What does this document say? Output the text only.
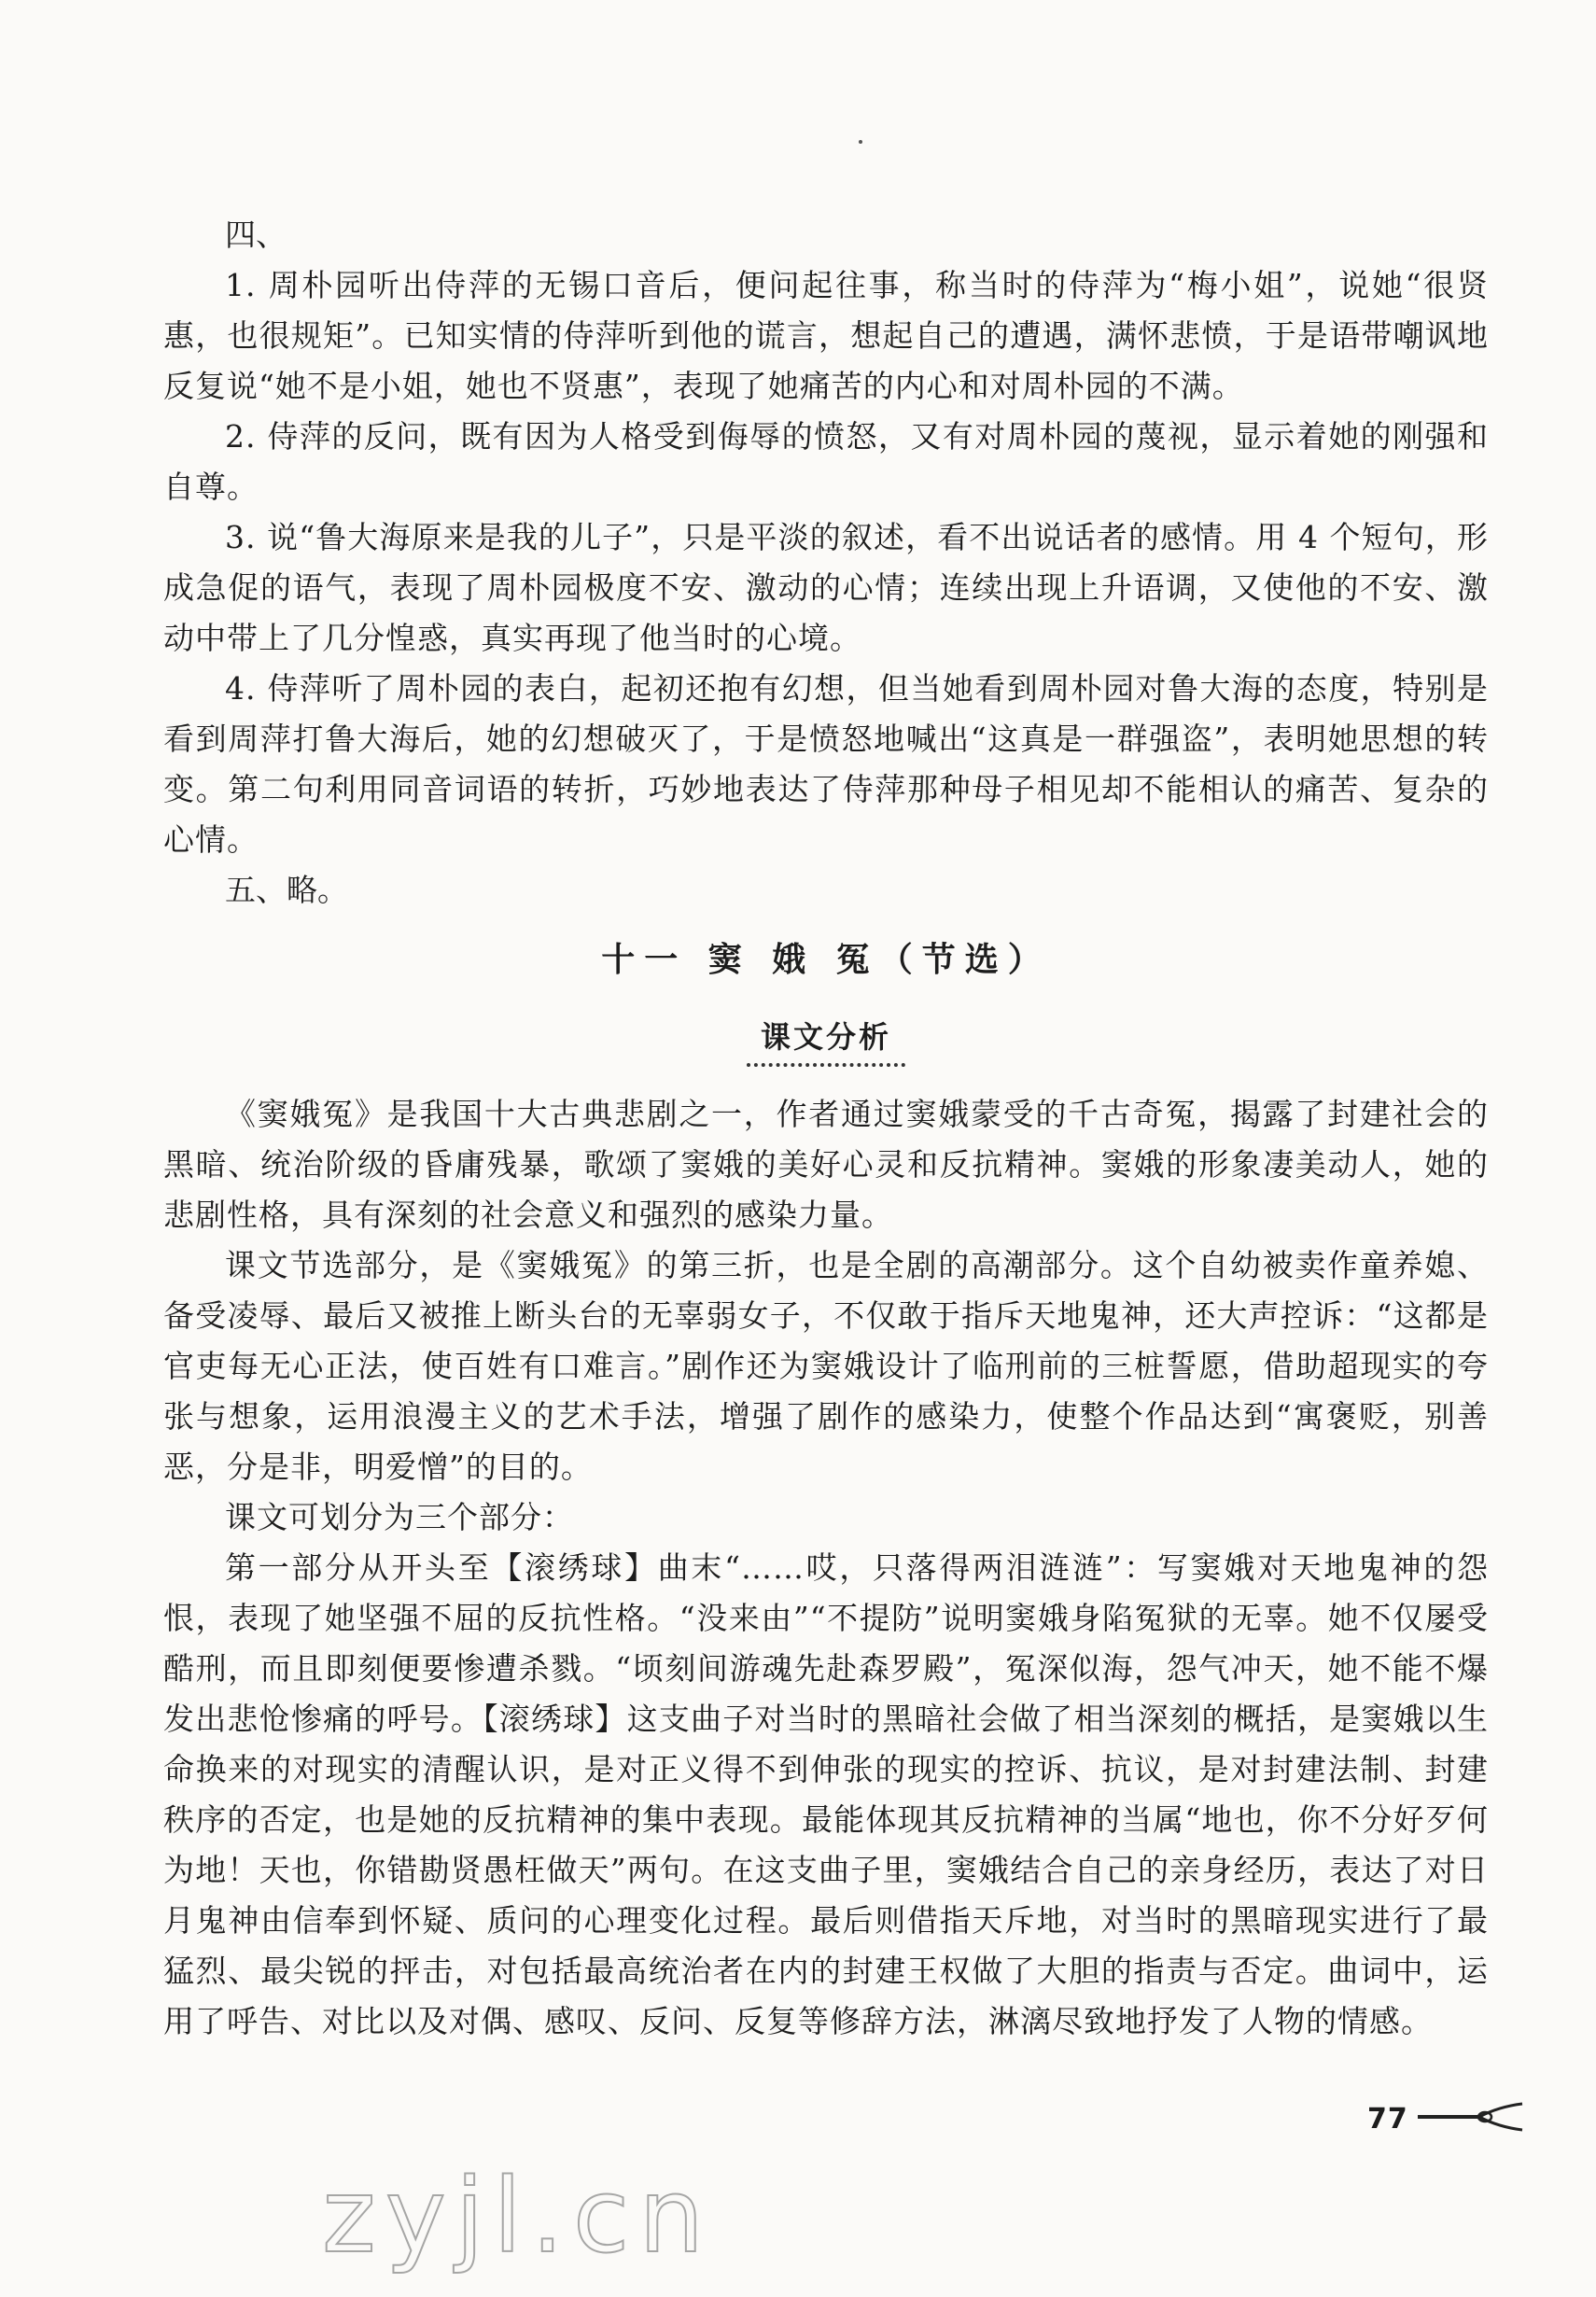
四、

1. 周朴园听出侍萍的无锡口音后，便问起往事，称当时的侍萍为“梅小姐”，说她“很贤惠，也很规矩”。已知实情的侍萍听到他的谎言，想起自己的遭遇，满怀悲愤，于是语带嘲讽地反复说“她不是小姐，她也不贤惠”，表现了她痛苦的内心和对周朴园的不满。

2. 侍萍的反问，既有因为人格受到侮辱的愤怒，又有对周朴园的蔑视，显示着她的刚强和自尊。

3. 说“鲁大海原来是我的儿子”，只是平淡的叙述，看不出说话者的感情。用 4 个短句，形成急促的语气，表现了周朴园极度不安、激动的心情；连续出现上升语调，又使他的不安、激动中带上了几分惶惑，真实再现了他当时的心境。

4. 侍萍听了周朴园的表白，起初还抱有幻想，但当她看到周朴园对鲁大海的态度，特别是看到周萍打鲁大海后，她的幻想破灭了，于是愤怒地喊出“这真是一群强盗”，表明她思想的转变。第二句利用同音词语的转折，巧妙地表达了侍萍那种母子相见却不能相认的痛苦、复杂的心情。

五、略。

十一 窦 娥 冤（节选）
课文分析

《窦娥冤》是我国十大古典悲剧之一，作者通过窦娥蒙受的千古奇冤，揭露了封建社会的黑暗、统治阶级的昏庸残暴，歌颂了窦娥的美好心灵和反抗精神。窦娥的形象凄美动人，她的悲剧性格，具有深刻的社会意义和强烈的感染力量。

课文节选部分，是《窦娥冤》的第三折，也是全剧的高潮部分。这个自幼被卖作童养媳、备受凌辱、最后又被推上断头台的无辜弱女子，不仅敢于指斥天地鬼神，还大声控诉：“这都是官吏每无心正法，使百姓有口难言。”剧作还为窦娥设计了临刑前的三桩誓愿，借助超现实的夸张与想象，运用浪漫主义的艺术手法，增强了剧作的感染力，使整个作品达到“寓褒贬，别善恶，分是非，明爱憎”的目的。

课文可划分为三个部分：

第一部分从开头至【滚绣球】曲末“……哎，只落得两泪涟涟”：写窦娥对天地鬼神的怨恨，表现了她坚强不屈的反抗性格。“没来由”“不提防”说明窦娥身陷冤狱的无辜。她不仅屡受酷刑，而且即刻便要惨遭杀戮。“顷刻间游魂先赴森罗殿”，冤深似海，怨气冲天，她不能不爆发出悲怆惨痛的呼号。【滚绣球】这支曲子对当时的黑暗社会做了相当深刻的概括，是窦娥以生命换来的对现实的清醒认识，是对正义得不到伸张的现实的控诉、抗议，是对封建法制、封建秩序的否定，也是她的反抗精神的集中表现。最能体现其反抗精神的当属“地也，你不分好歹何为地！天也，你错勘贤愚枉做天”两句。在这支曲子里，窦娥结合自己的亲身经历，表达了对日月鬼神由信奉到怀疑、质问的心理变化过程。最后则借指天斥地，对当时的黑暗现实进行了最猛烈、最尖锐的抨击，对包括最高统治者在内的封建王权做了大胆的指责与否定。曲词中，运用了呼告、对比以及对偶、感叹、反问、反复等修辞方法，淋漓尽致地抒发了人物的情感。

77
zyjl.cn
